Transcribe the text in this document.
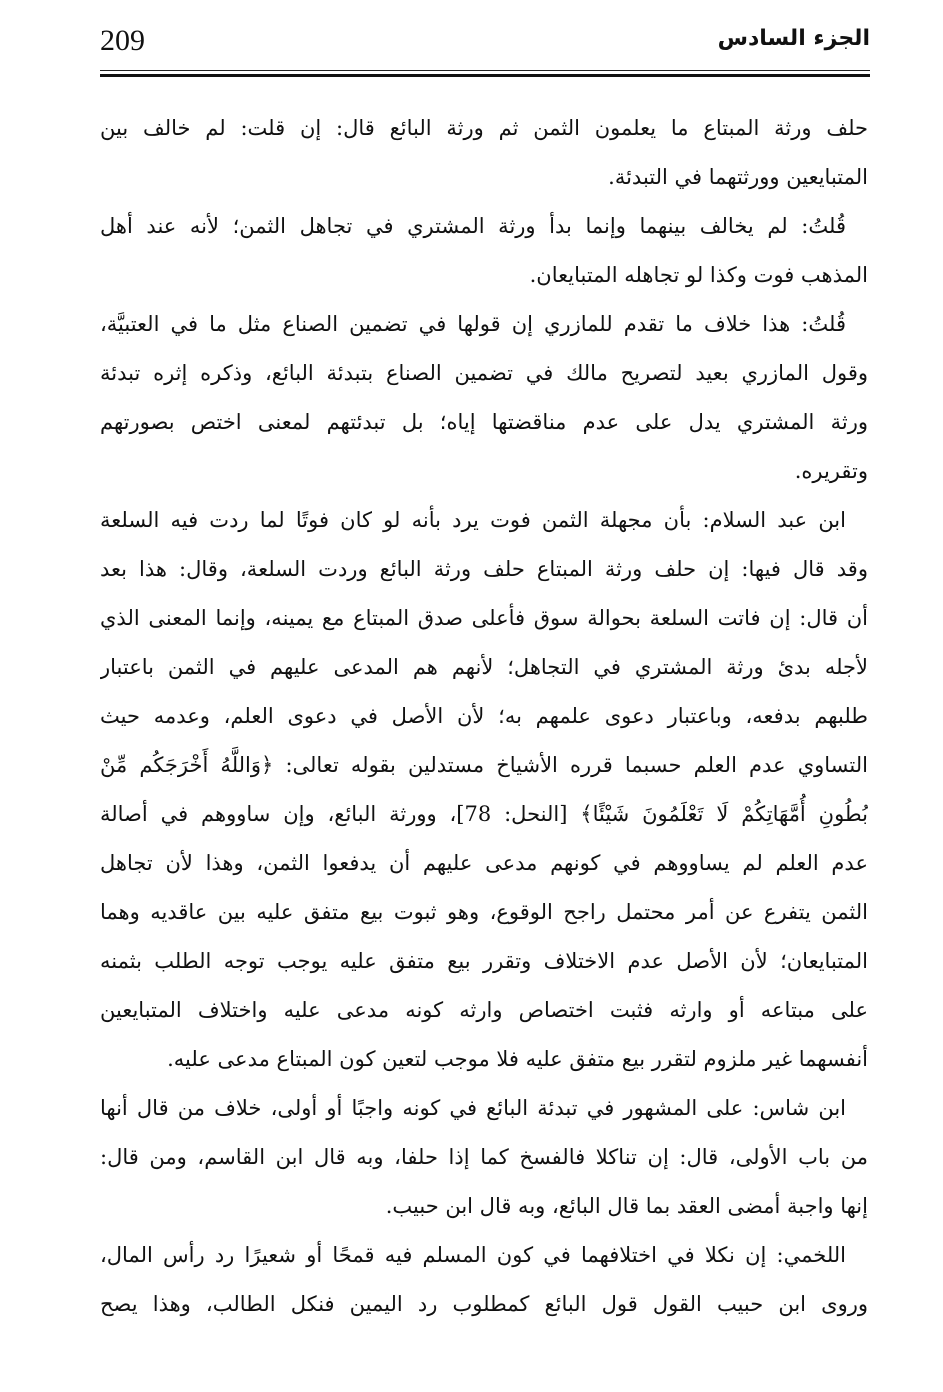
209	الجزء السادس
حلف ورثة المبتاع ما يعلمون الثمن ثم ورثة البائع قال: إن قلت: لم خالف بين
المتبايعين وورثتهما في التبدئة.
قُلتُ: لم يخالف بينهما وإنما بدأ ورثة المشتري في تجاهل الثمن؛ لأنه عند أهل
المذهب فوت وكذا لو تجاهله المتبايعان.
قُلتُ: هذا خلاف ما تقدم للمازري إن قولها في تضمين الصناع مثل ما في العتبيَّة،
وقول المازري بعيد لتصريح مالك في تضمين الصناع بتبدئة البائع، وذكره إثره تبدئة
ورثة المشتري يدل على عدم مناقضتها إياه؛ بل تبدئتهم لمعنى اختص بصورتهم
وتقريره.
ابن عبد السلام: بأن مجهلة الثمن فوت يرد بأنه لو كان فوتًا لما ردت فيه السلعة
وقد قال فيها: إن حلف ورثة المبتاع حلف ورثة البائع وردت السلعة، وقال: هذا بعد
أن قال: إن فاتت السلعة بحوالة سوق فأعلى صدق المبتاع مع يمينه، وإنما المعنى الذي
لأجله بدئ ورثة المشتري في التجاهل؛ لأنهم هم المدعى عليهم في الثمن باعتبار
طلبهم بدفعه، وباعتبار دعوى علمهم به؛ لأن الأصل في دعوى العلم، وعدمه حيث
التساوي عدم العلم حسبما قرره الأشياخ مستدلين بقوله تعالى: ﴿وَاللَّهُ أَخْرَجَكُم مِّنْ
بُطُونِ أُمَّهَاتِكُمْ لَا تَعْلَمُونَ شَيْئًا﴾ [النحل: 78]، وورثة البائع، وإن ساووهم في أصالة
عدم العلم لم يساووهم في كونهم مدعى عليهم أن يدفعوا الثمن، وهذا لأن تجاهل
الثمن يتفرع عن أمر محتمل راجح الوقوع، وهو ثبوت بيع متفق عليه بين عاقديه وهما
المتبايعان؛ لأن الأصل عدم الاختلاف وتقرر بيع متفق عليه يوجب توجه الطلب بثمنه
على مبتاعه أو وارثه فثبت اختصاص وارثه كونه مدعى عليه واختلاف المتبايعين
أنفسهما غير ملزوم لتقرر بيع متفق عليه فلا موجب لتعين كون المبتاع مدعى عليه.
ابن شاس: على المشهور في تبدئة البائع في كونه واجبًا أو أولى، خلاف من قال أنها
من باب الأولى، قال: إن تناكلا فالفسخ كما إذا حلفا، وبه قال ابن القاسم، ومن قال:
إنها واجبة أمضى العقد بما قال البائع، وبه قال ابن حبيب.
اللخمي: إن نكلا في اختلافهما في كون المسلم فيه قمحًا أو شعيرًا رد رأس المال،
وروى ابن حبيب القول قول البائع كمطلوب رد اليمين فنكل الطالب، وهذا يصح
